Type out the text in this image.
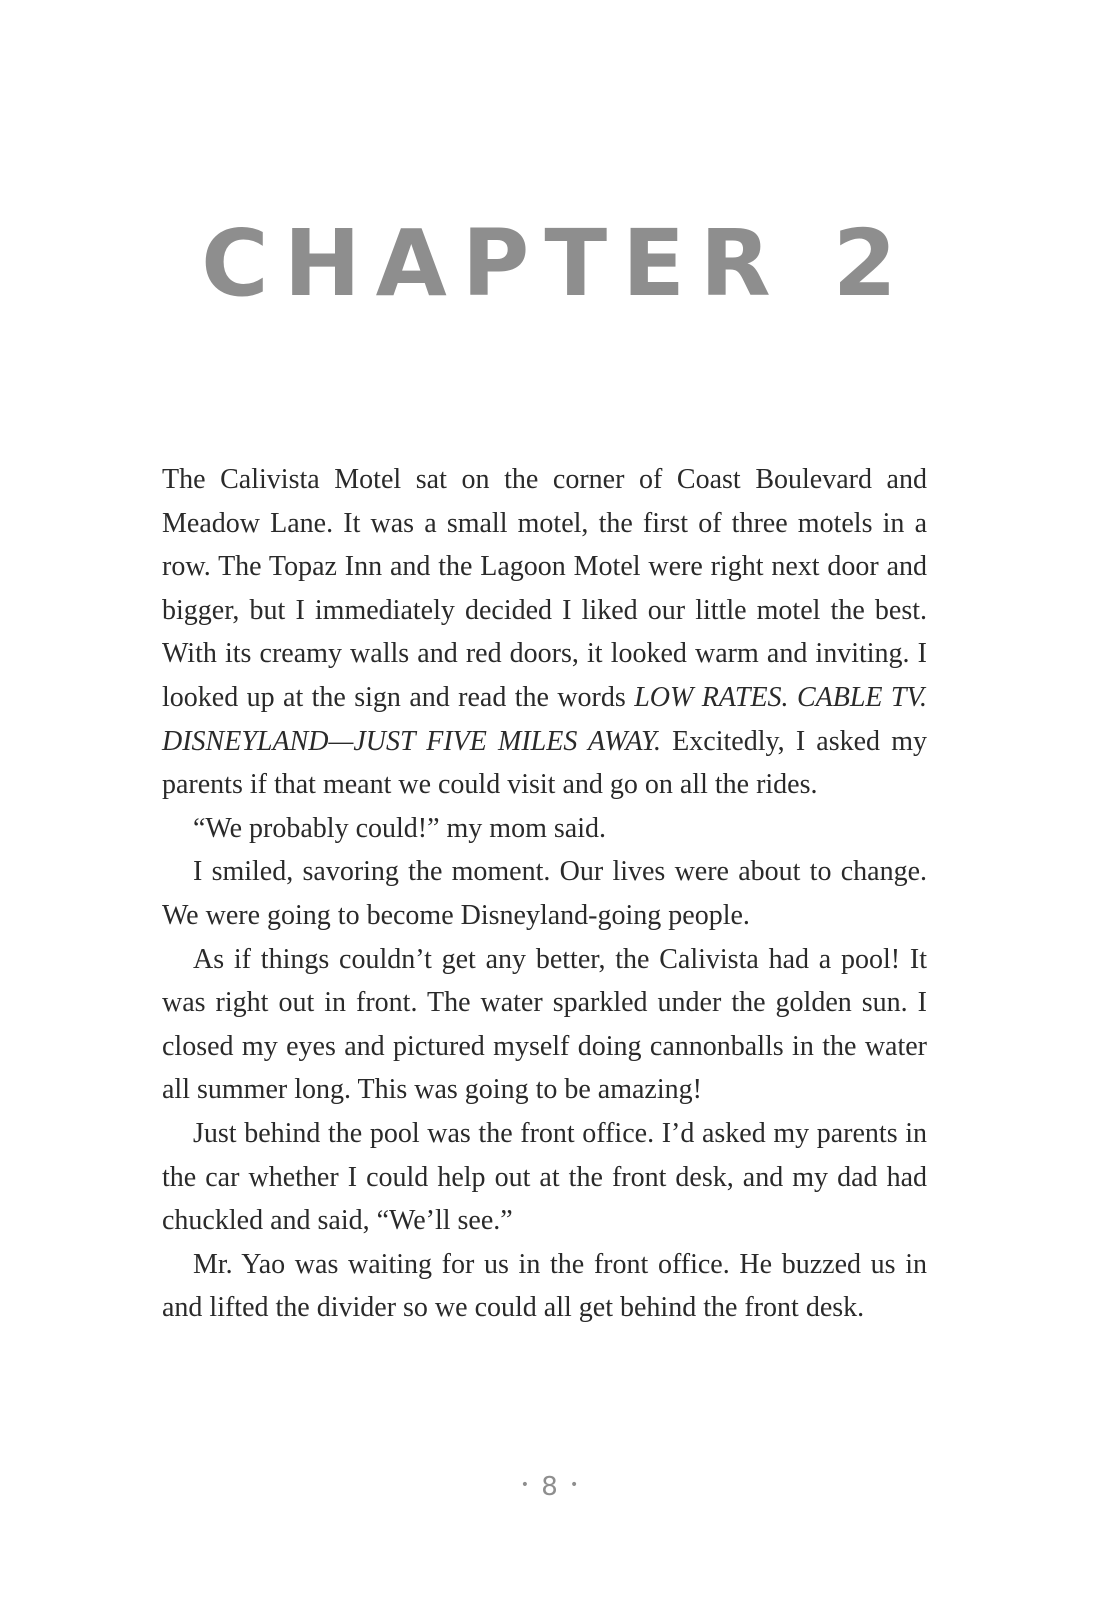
CHAPTER 2

The Calivista Motel sat on the corner of Coast Boulevard and Meadow Lane. It was a small motel, the first of three motels in a row. The Topaz Inn and the Lagoon Motel were right next door and bigger, but I immediately decided I liked our little motel the best. With its creamy walls and red doors, it looked warm and inviting. I looked up at the sign and read the words LOW RATES. CABLE TV. DISNEYLAND—JUST FIVE MILES AWAY. Excitedly, I asked my parents if that meant we could visit and go on all the rides.

“We probably could!” my mom said.

I smiled, savoring the moment. Our lives were about to change. We were going to become Disneyland-going people.

As if things couldn’t get any better, the Calivista had a pool! It was right out in front. The water sparkled under the golden sun. I closed my eyes and pictured myself doing cannonballs in the water all summer long. This was going to be amazing!

Just behind the pool was the front office. I’d asked my parents in the car whether I could help out at the front desk, and my dad had chuckled and said, “We’ll see.”

Mr. Yao was waiting for us in the front office. He buzzed us in and lifted the divider so we could all get behind the front desk.

• 8 •
